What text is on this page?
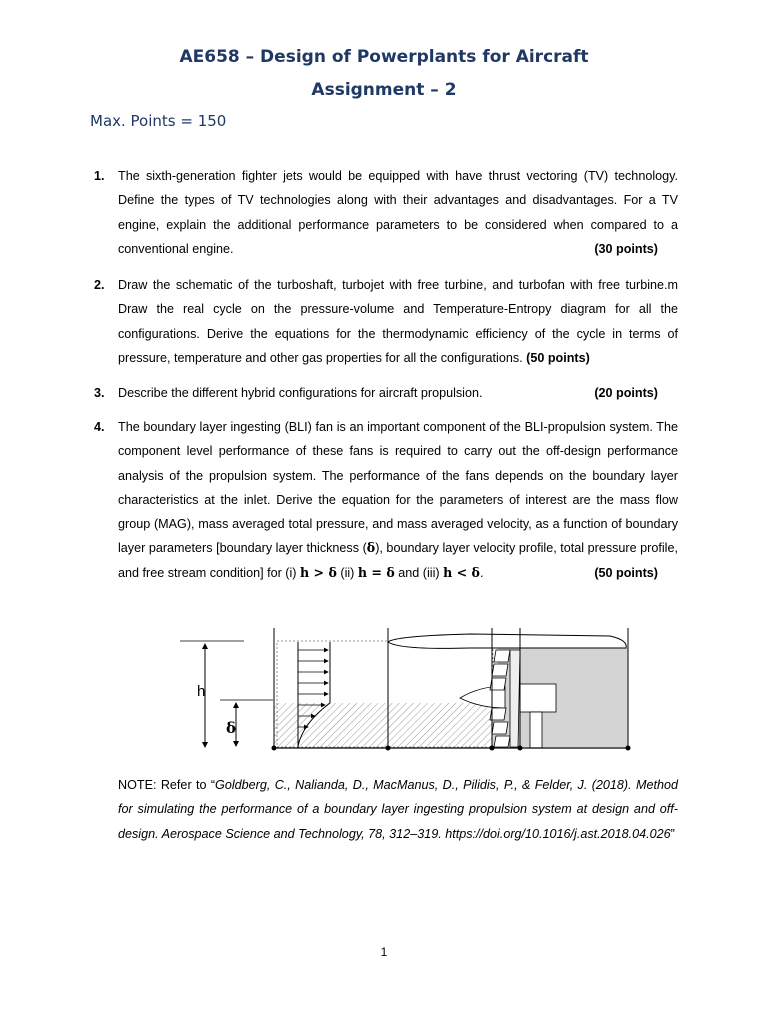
AE658 – Design of Powerplants for Aircraft
Assignment – 2
Max. Points = 150
1. The sixth-generation fighter jets would be equipped with have thrust vectoring (TV) technology. Define the types of TV technologies along with their advantages and disadvantages. For a TV engine, explain the additional performance parameters to be considered when compared to a conventional engine.	(30 points)
2. Draw the schematic of the turboshaft, turbojet with free turbine, and turbofan with free turbine.m Draw the real cycle on the pressure-volume and Temperature-Entropy diagram for all the configurations. Derive the equations for the thermodynamic efficiency of the cycle in terms of pressure, temperature and other gas properties for all the configurations. (50 points)
3. Describe the different hybrid configurations for aircraft propulsion.	(20 points)
4. The boundary layer ingesting (BLI) fan is an important component of the BLI-propulsion system. The component level performance of these fans is required to carry out the off-design performance analysis of the propulsion system. The performance of the fans depends on the boundary layer characteristics at the inlet. Derive the equation for the parameters of interest are the mass flow group (MAG), mass averaged total pressure, and mass averaged velocity, as a function of boundary layer parameters [boundary layer thickness (δ), boundary layer velocity profile, total pressure profile, and free stream condition] for (i) h > δ (ii) h = δ and (iii) h < δ.	(50 points)
h
δ
NOTE: Refer to “Goldberg, C., Nalianda, D., MacManus, D., Pilidis, P., & Felder, J. (2018). Method for simulating the performance of a boundary layer ingesting propulsion system at design and off-design. Aerospace Science and Technology, 78, 312–319. https://doi.org/10.1016/j.ast.2018.04.026”
1
